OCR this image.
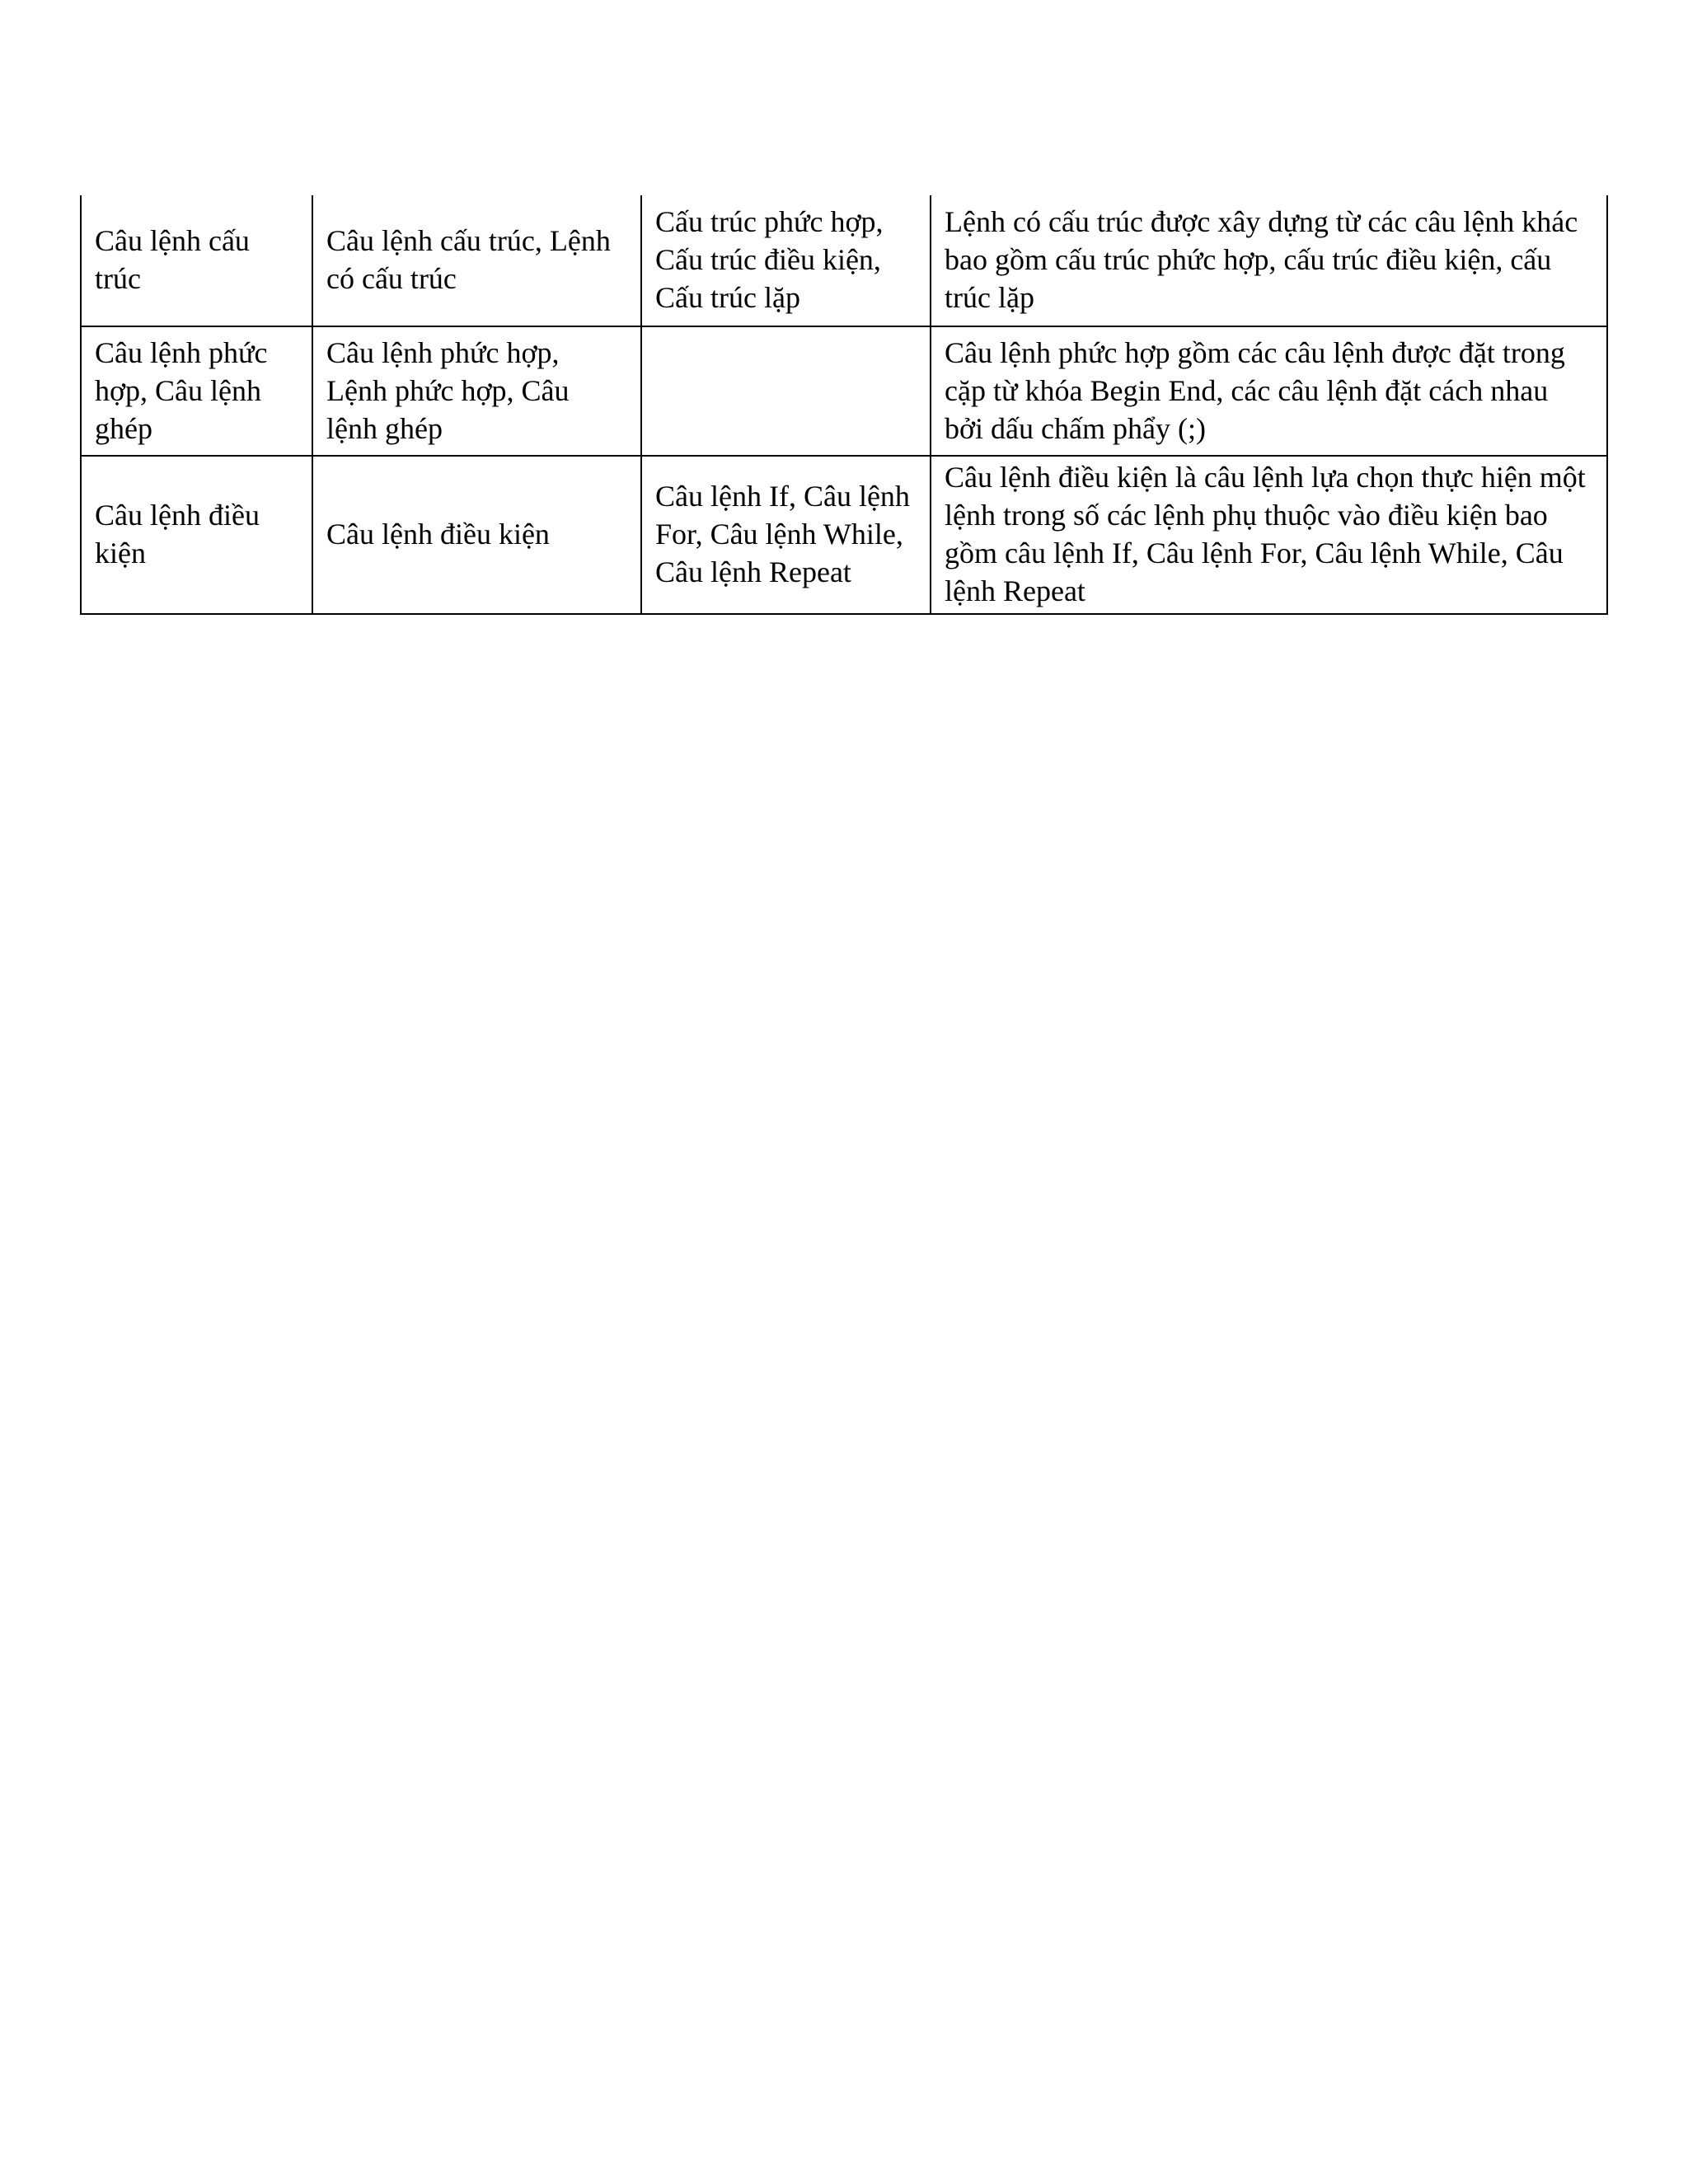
Câu lệnh cấu trúc	Câu lệnh cấu trúc, Lệnh có cấu trúc	Cấu trúc phức hợp, Cấu trúc điều kiện, Cấu trúc lặp	Lệnh có cấu trúc được xây dựng từ các câu lệnh khác bao gồm cấu trúc phức hợp, cấu trúc điều kiện, cấu trúc lặp

Câu lệnh phức hợp, Câu lệnh ghép	Câu lệnh phức hợp, Lệnh phức hợp, Câu lệnh ghép		Câu lệnh phức hợp gồm các câu lệnh được đặt trong cặp từ khóa Begin End, các câu lệnh đặt cách nhau bởi dấu chấm phẩy (;)

Câu lệnh điều kiện	Câu lệnh điều kiện	Câu lệnh If, Câu lệnh For, Câu lệnh While, Câu lệnh Repeat	Câu lệnh điều kiện là câu lệnh lựa chọn thực hiện một lệnh trong số các lệnh phụ thuộc vào điều kiện bao gồm câu lệnh If, Câu lệnh For, Câu lệnh While, Câu lệnh Repeat
